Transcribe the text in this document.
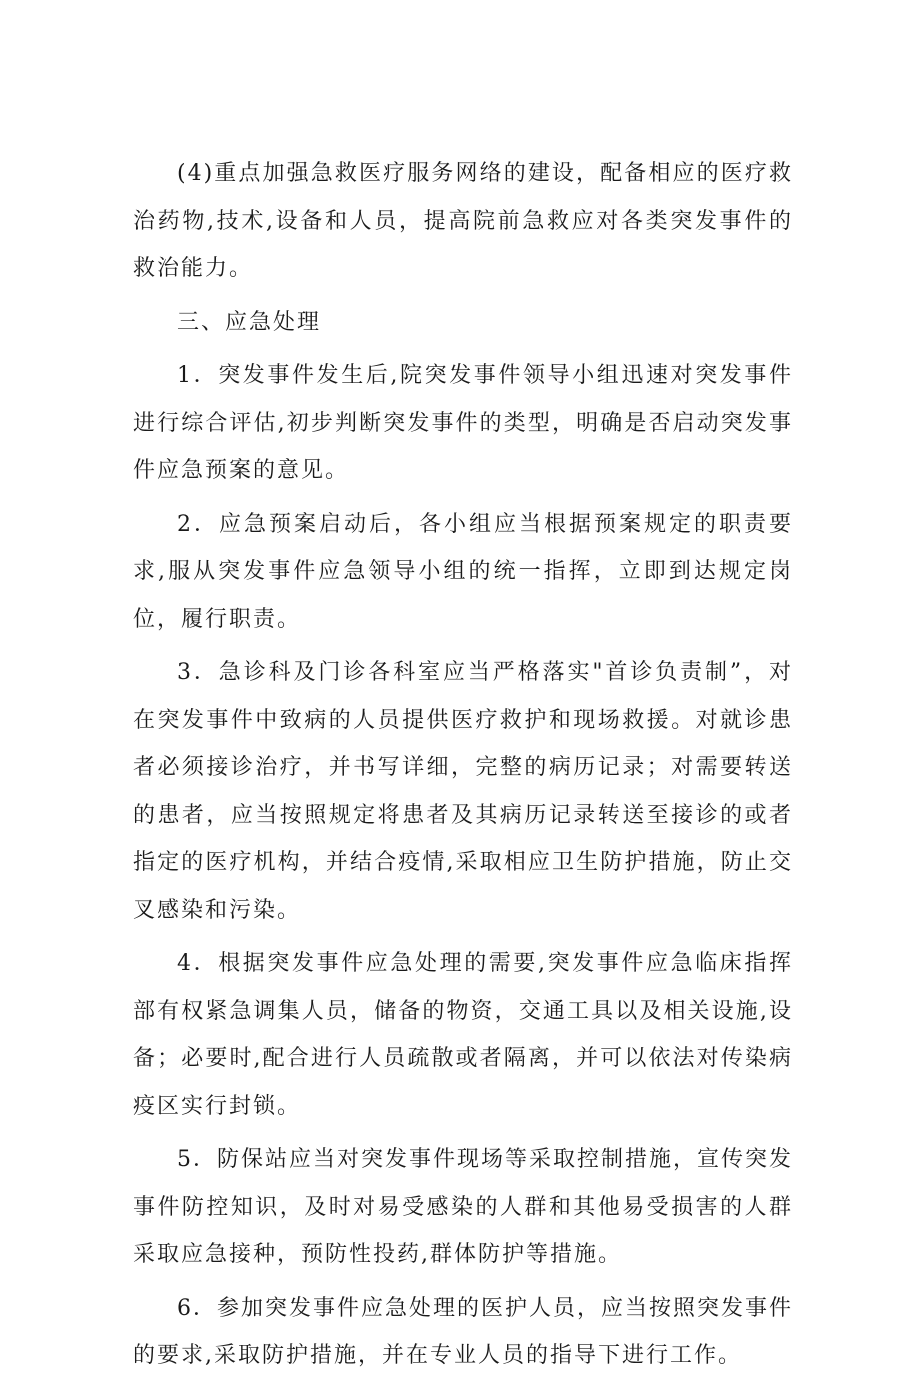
(4)重点加强急救医疗服务网络的建设，配备相应的医疗救治药物,技术,设备和人员，提高院前急救应对各类突发事件的救治能力。

三、应急处理

1．突发事件发生后,院突发事件领导小组迅速对突发事件进行综合评估,初步判断突发事件的类型，明确是否启动突发事件应急预案的意见。

2．应急预案启动后，各小组应当根据预案规定的职责要求,服从突发事件应急领导小组的统一指挥，立即到达规定岗位，履行职责。

3．急诊科及门诊各科室应当严格落实"首诊负责制”，对在突发事件中致病的人员提供医疗救护和现场救援。对就诊患者必须接诊治疗，并书写详细，完整的病历记录；对需要转送的患者，应当按照规定将患者及其病历记录转送至接诊的或者指定的医疗机构，并结合疫情,采取相应卫生防护措施，防止交叉感染和污染。

4．根据突发事件应急处理的需要,突发事件应急临床指挥部有权紧急调集人员，储备的物资，交通工具以及相关设施,设备；必要时,配合进行人员疏散或者隔离，并可以依法对传染病疫区实行封锁。

5．防保站应当对突发事件现场等采取控制措施，宣传突发事件防控知识，及时对易受感染的人群和其他易受损害的人群采取应急接种，预防性投药,群体防护等措施。

6．参加突发事件应急处理的医护人员，应当按照突发事件的要求,采取防护措施，并在专业人员的指导下进行工作。
